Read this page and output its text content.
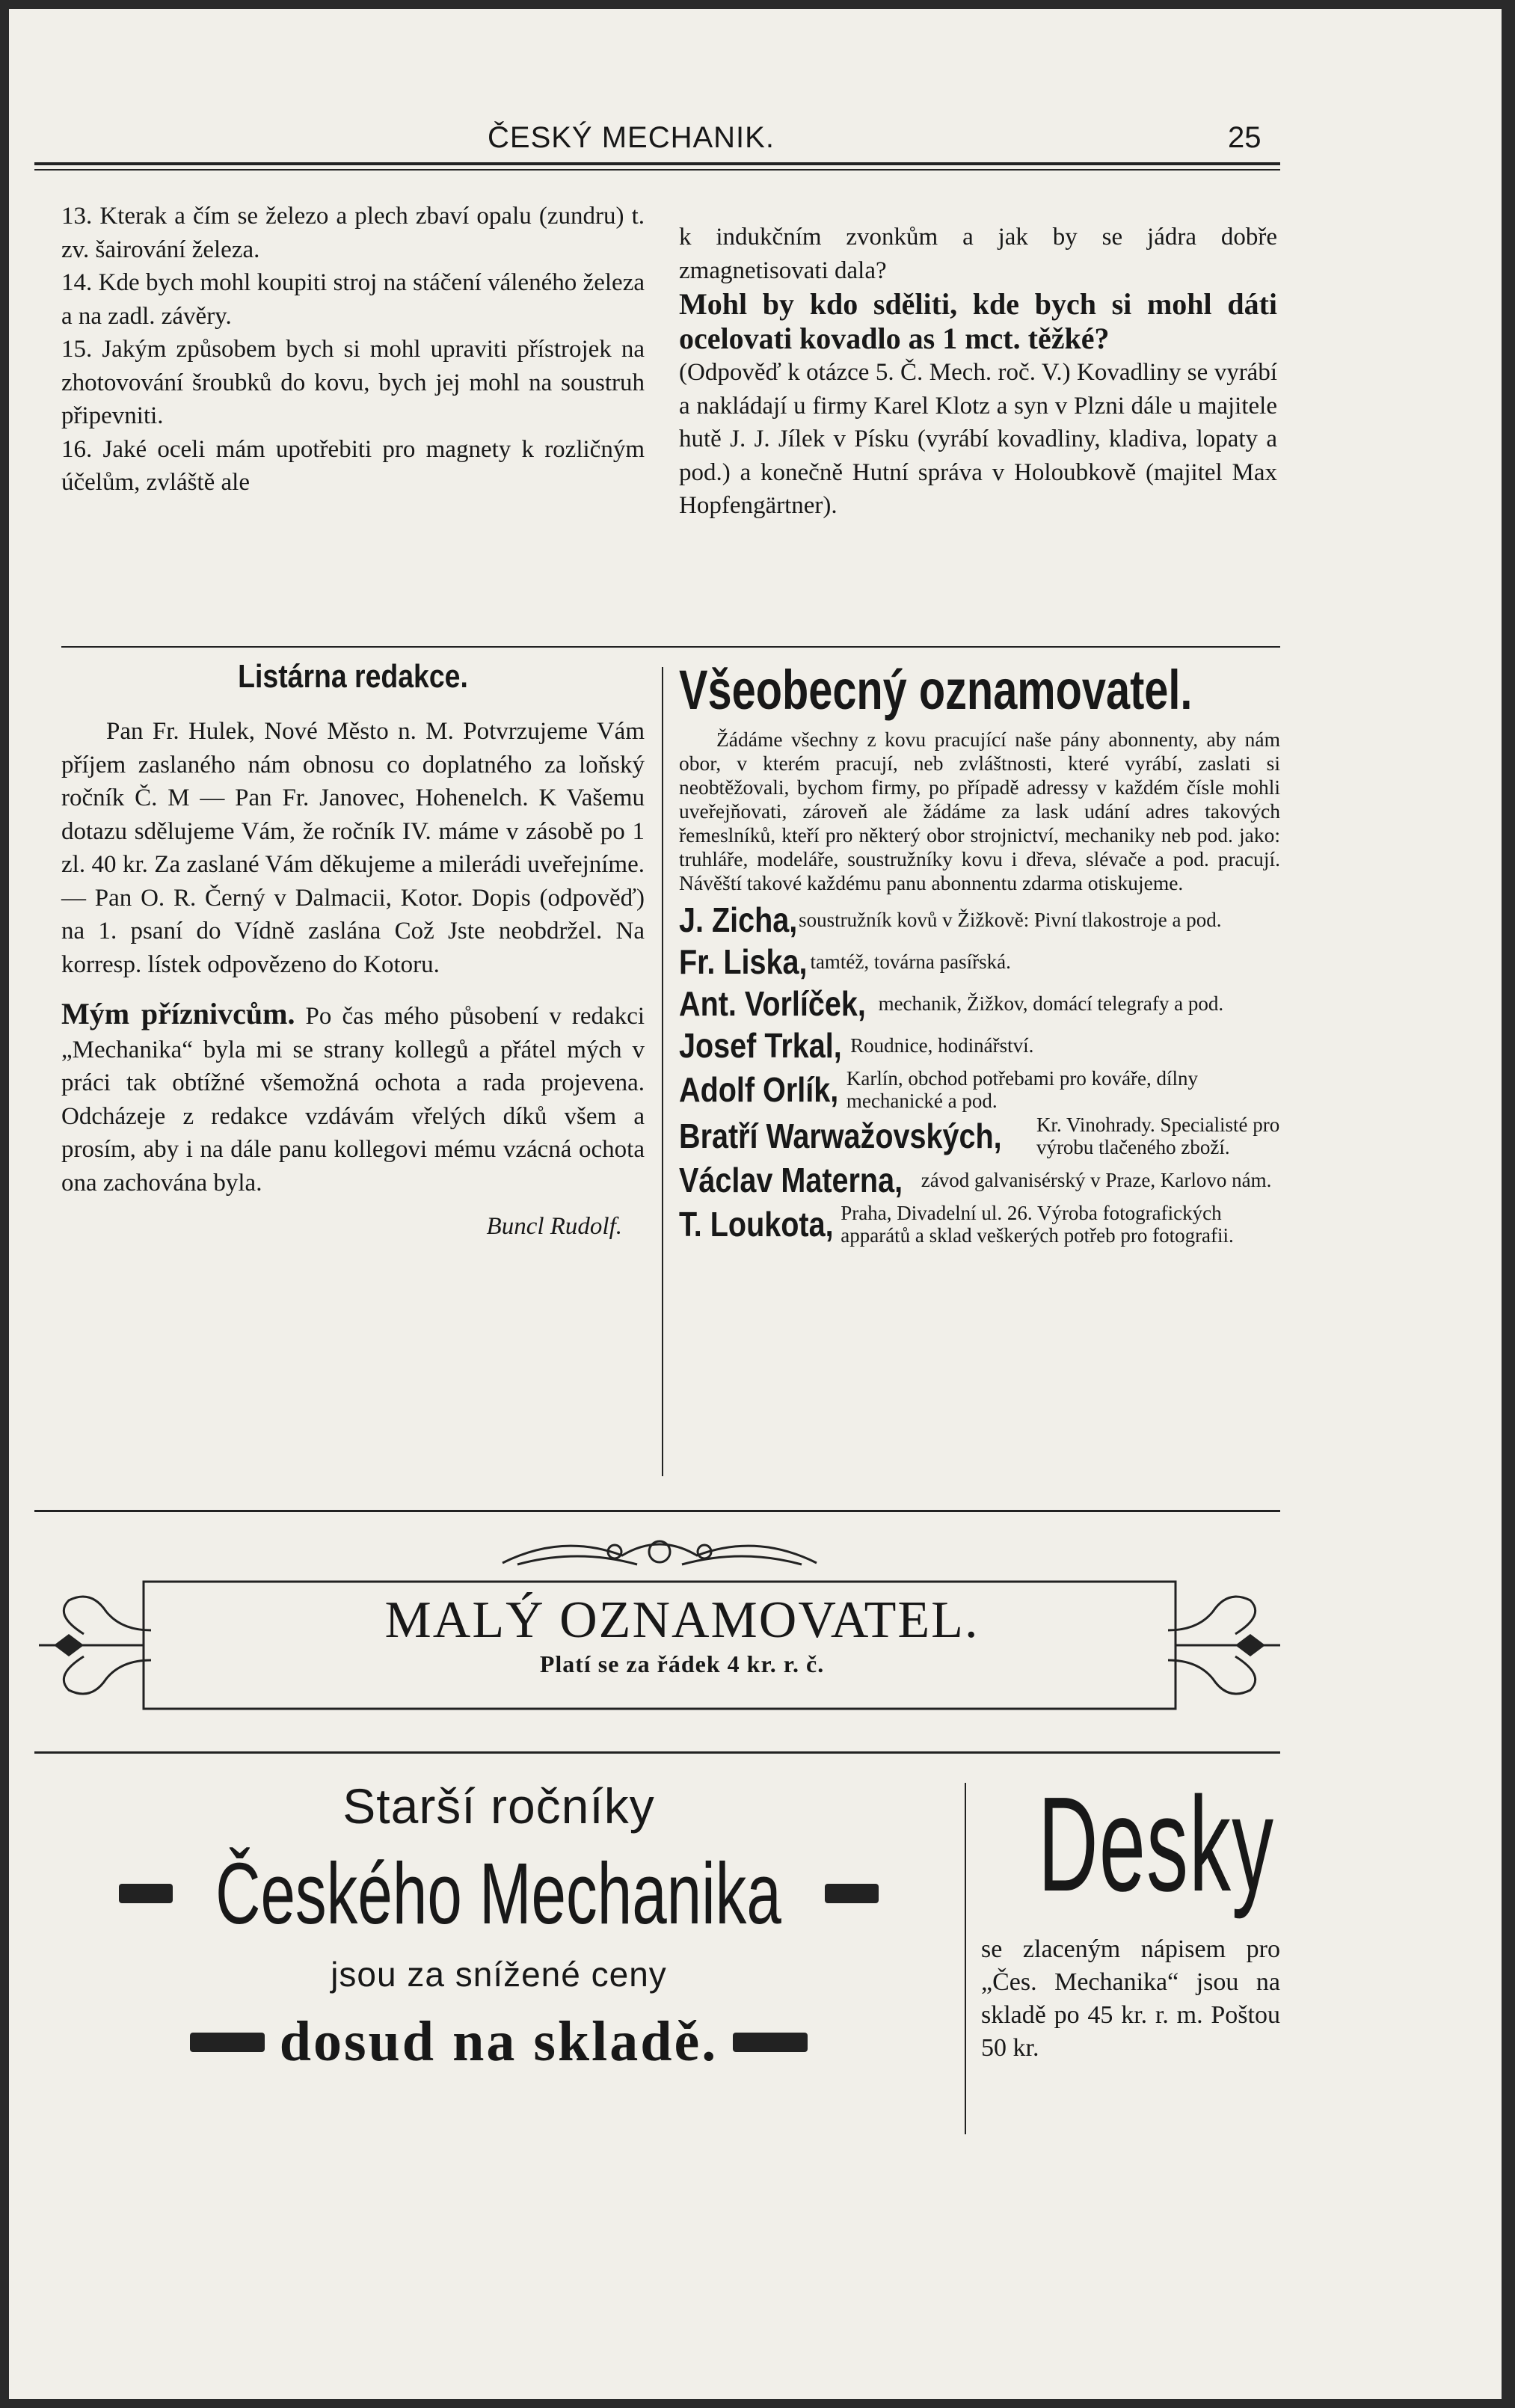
ČESKÝ MECHANIK.	25

13. Kterak a čím se železo a plech zbaví opalu (zundru) t. zv. šairování železa.

14. Kde bych mohl koupiti stroj na stáčení váleného železa a na zadl. závěry.

15. Jakým způsobem bych si mohl upraviti přístrojek na zhotovování šroubků do kovu, bych jej mohl na soustruh připevniti.

16. Jaké oceli mám upotřebiti pro magnety k rozličným účelům, zvláště ale

k indukčním zvonkům a jak by se jádra dobře zmagnetisovati dala?

Mohl by kdo sděliti, kde bych si mohl dáti ocelovati kovadlo as 1 mct. těžké?

(Odpověď k otázce 5. Č. Mech. roč. V.) Kovadliny se vyrábí a nakládají u firmy Karel Klotz a syn v Plzni dále u majitele hutě J. J. Jílek v Písku (vyrábí kovadliny, kladiva, lopaty a pod.) a konečně Hutní správa v Holoubkově (majitel Max Hopfengärtner).

Listárna redakce.

Pan Fr. Hulek, Nové Město n. M. Potvrzujeme Vám příjem zaslaného nám obnosu co doplatného za loňský ročník Č. M — Pan Fr. Janovec, Hohenelch. K Vašemu dotazu sdělujeme Vám, že ročník IV. máme v zásobě po 1 zl. 40 kr. Za zaslané Vám děkujeme a milerádi uveřejníme. — Pan O. R. Černý v Dalmacii, Kotor. Dopis (odpověď) na 1. psaní do Vídně zaslána Což Jste neobdržel. Na korresp. lístek odpovězeno do Kotoru.

Mým příznivcům. Po čas mého působení v redakci „Mechanika“ byla mi se strany kollegů a přátel mých v práci tak obtížné všemožná ochota a rada projevena. Odcházeje z redakce vzdávám vřelých díků všem a prosím, aby i na dále panu kollegovi mému vzácná ochota ona zachována byla.

Buncl Rudolf.

Všeobecný oznamovatel.
Žádáme všechny z kovu pracující naše pány abonnenty, aby nám obor, v kterém pracují, neb zvláštnosti, které vyrábí, zaslati si neobtěžovali, bychom firmy, po případě adressy v každém čísle mohli uveřejňovati, zároveň ale žádáme za lask udání adres takových řemeslníků, kteří pro některý obor strojnictví, mechaniky neb pod. jako: truhláře, modeláře, soustružníky kovu i dřeva, slévače a pod. pracují. Návěští takové každému panu abonnentu zdarma otiskujeme.
J. Zicha, soustružník kovů v Žižkově: Pivní tlakostroje a pod.
Fr. Liska, tamtéž, továrna pasířská.
Ant. Vorlíček, mechanik, Žižkov, domácí telegrafy a pod.
Josef Trkal, Roudnice, hodinářství.
Adolf Orlík, Karlín, obchod potřebami pro kováře, dílny mechanické a pod.
Bratří Warwažovských, Kr. Vinohrady. Specialisté pro výrobu tlačeného zboží.
Václav Materna, závod galvanisérský v Praze, Karlovo nám.
T. Loukota, Praha, Divadelní ul. 26. Výroba fotografických apparátů a sklad veškerých potřeb pro fotografii.
MALÝ OZNAMOVATEL.
Platí se za řádek 4 kr. r. č.
Starší ročníky
Českého Mechanika
jsou za snížené ceny
dosud na skladě.
Desky
se zlaceným nápisem pro „Čes. Mechanika“ jsou na skladě po 45 kr. r. m. Poštou 50 kr.
